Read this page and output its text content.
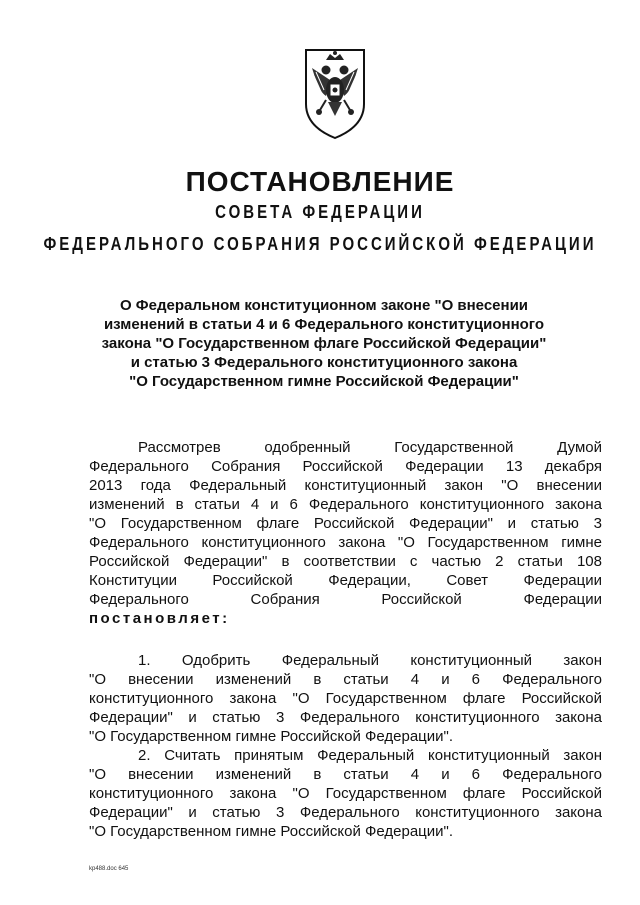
ПОСТАНОВЛЕНИЕ
СОВЕТА ФЕДЕРАЦИИ
ФЕДЕРАЛЬНОГО СОБРАНИЯ РОССИЙСКОЙ ФЕДЕРАЦИИ
О Федеральном конституционном законе "О внесении
изменений в статьи 4 и 6 Федерального конституционного
закона "О Государственном флаге Российской Федерации"
и статью 3 Федерального конституционного закона
"О Государственном гимне Российской Федерации"
Рассмотрев одобренный Государственной Думой
Федерального Собрания Российской Федерации 13 декабря
2013 года Федеральный конституционный закон "О внесении
изменений в статьи 4 и 6 Федерального конституционного закона
"О Государственном флаге Российской Федерации" и статью 3
Федерального конституционного закона "О Государственном гимне
Российской Федерации" в соответствии с частью 2 статьи 108
Конституции Российской Федерации, Совет Федерации
Федерального Собрания Российской Федерации
постановляет:
1. Одобрить Федеральный конституционный закон
"О внесении изменений в статьи 4 и 6 Федерального
конституционного закона "О Государственном флаге Российской
Федерации" и статью 3 Федерального конституционного закона
"О Государственном гимне Российской Федерации".
2. Считать принятым Федеральный конституционный закон
"О внесении изменений в статьи 4 и 6 Федерального
конституционного закона "О Государственном флаге Российской
Федерации" и статью 3 Федерального конституционного закона
"О Государственном гимне Российской Федерации".
kp488.doc 645
